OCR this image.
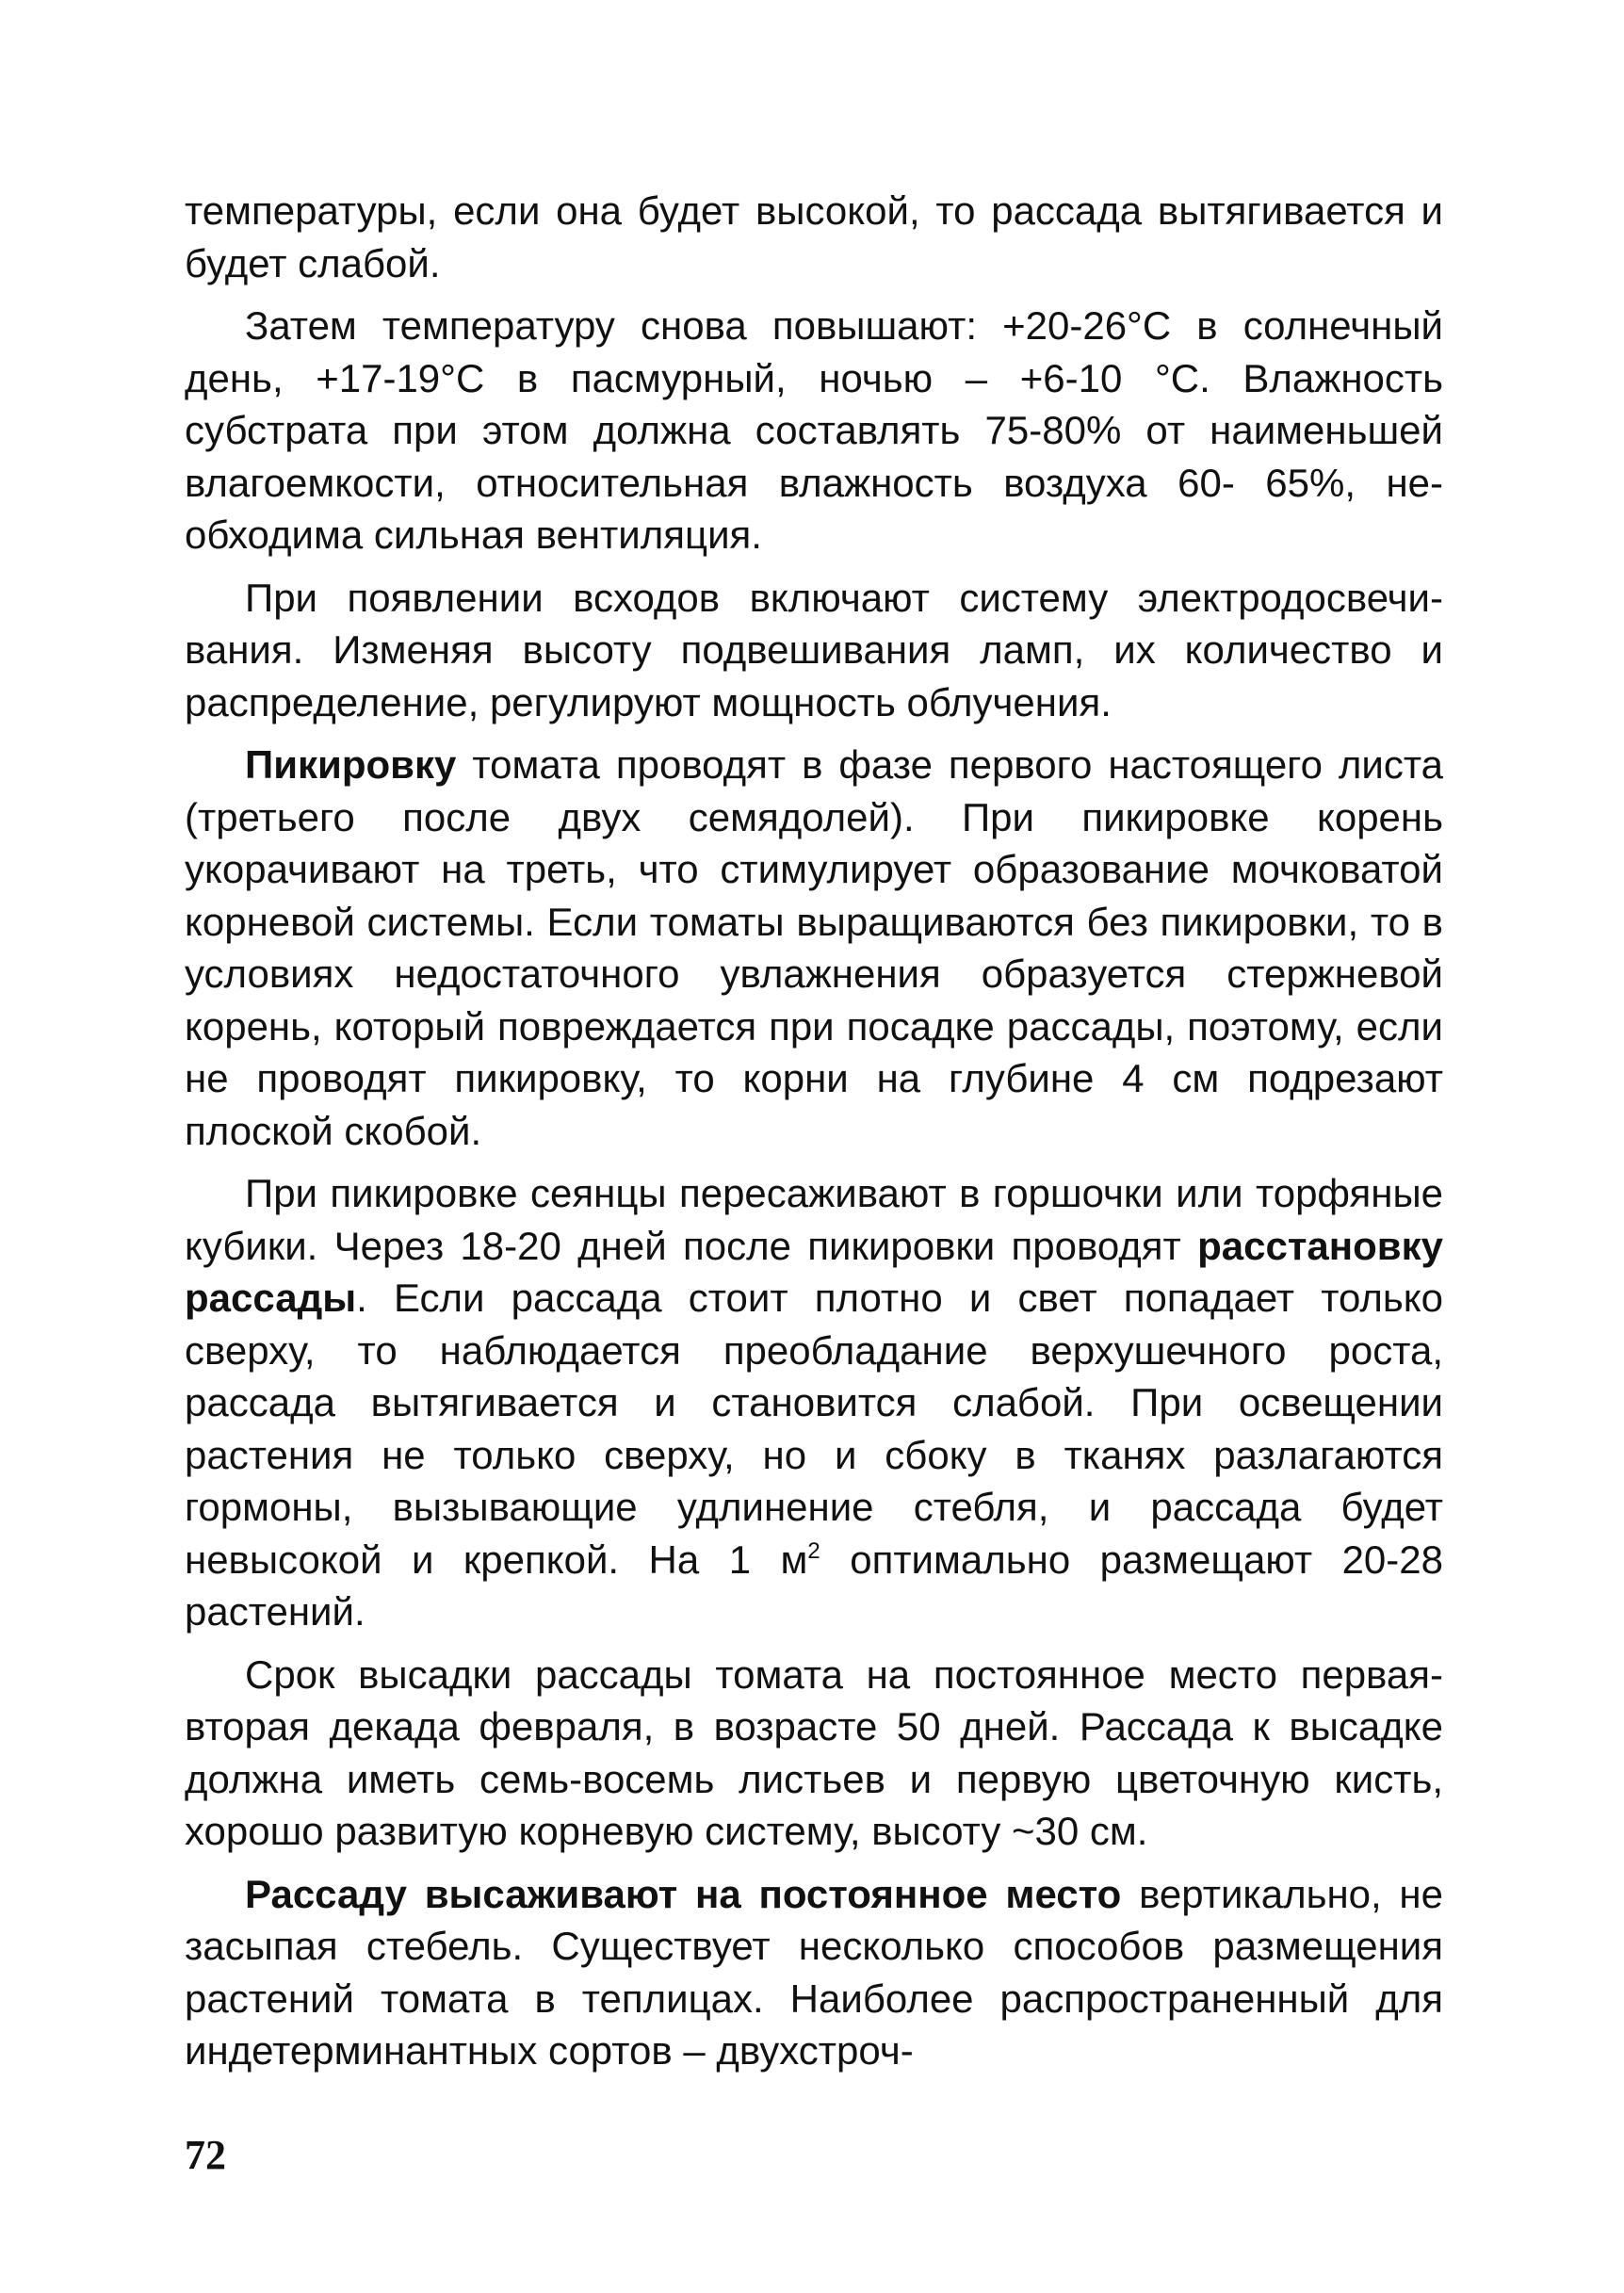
температуры, если она будет высокой, то рассада вытягивается и будет слабой.

Затем температуру снова повышают: +20-26°С в солнечный день, +17-19°С в пасмурный, ночью – +6-10 °С. Влажность субстрата при этом должна составлять 75-80% от наименьшей влагоемкости, относительная влажность воздуха 60- 65%, необходима сильная вентиляция.

При появлении всходов включают систему электродосвечивания. Изменяя высоту подвешивания ламп, их количество и распределение, регулируют мощность облучения.

Пикировку томата проводят в фазе первого настоящего листа (третьего после двух семядолей). При пикировке корень укорачивают на треть, что стимулирует образование мочковатой корневой системы. Если томаты выращиваются без пикировки, то в условиях недостаточного увлажнения образуется стержневой корень, который повреждается при посадке рассады, поэтому, если не проводят пикировку, то корни на глубине 4 см подрезают плоской скобой.

При пикировке сеянцы пересаживают в горшочки или торфяные кубики. Через 18-20 дней после пикировки проводят расстановку рассады. Если рассада стоит плотно и свет попадает только сверху, то наблюдается преобладание верхушечного роста, рассада вытягивается и становится слабой. При освещении растения не только сверху, но и сбоку в тканях разлагаются гормоны, вызывающие удлинение стебля, и рассада будет невысокой и крепкой. На 1 $м^2$ оптимально размещают 20-28 растений.

Срок высадки рассады томата на постоянное место первая-вторая декада февраля, в возрасте 50 дней. Рассада к высадке должна иметь семь-восемь листьев и первую цветочную кисть, хорошо развитую корневую систему, высоту ~30 см.

Рассаду высаживают на постоянное место вертикально, не засыпая стебель. Существует несколько способов размещения растений томата в теплицах. Наиболее распространенный для индетерминантных сортов – двухстроч-

72
